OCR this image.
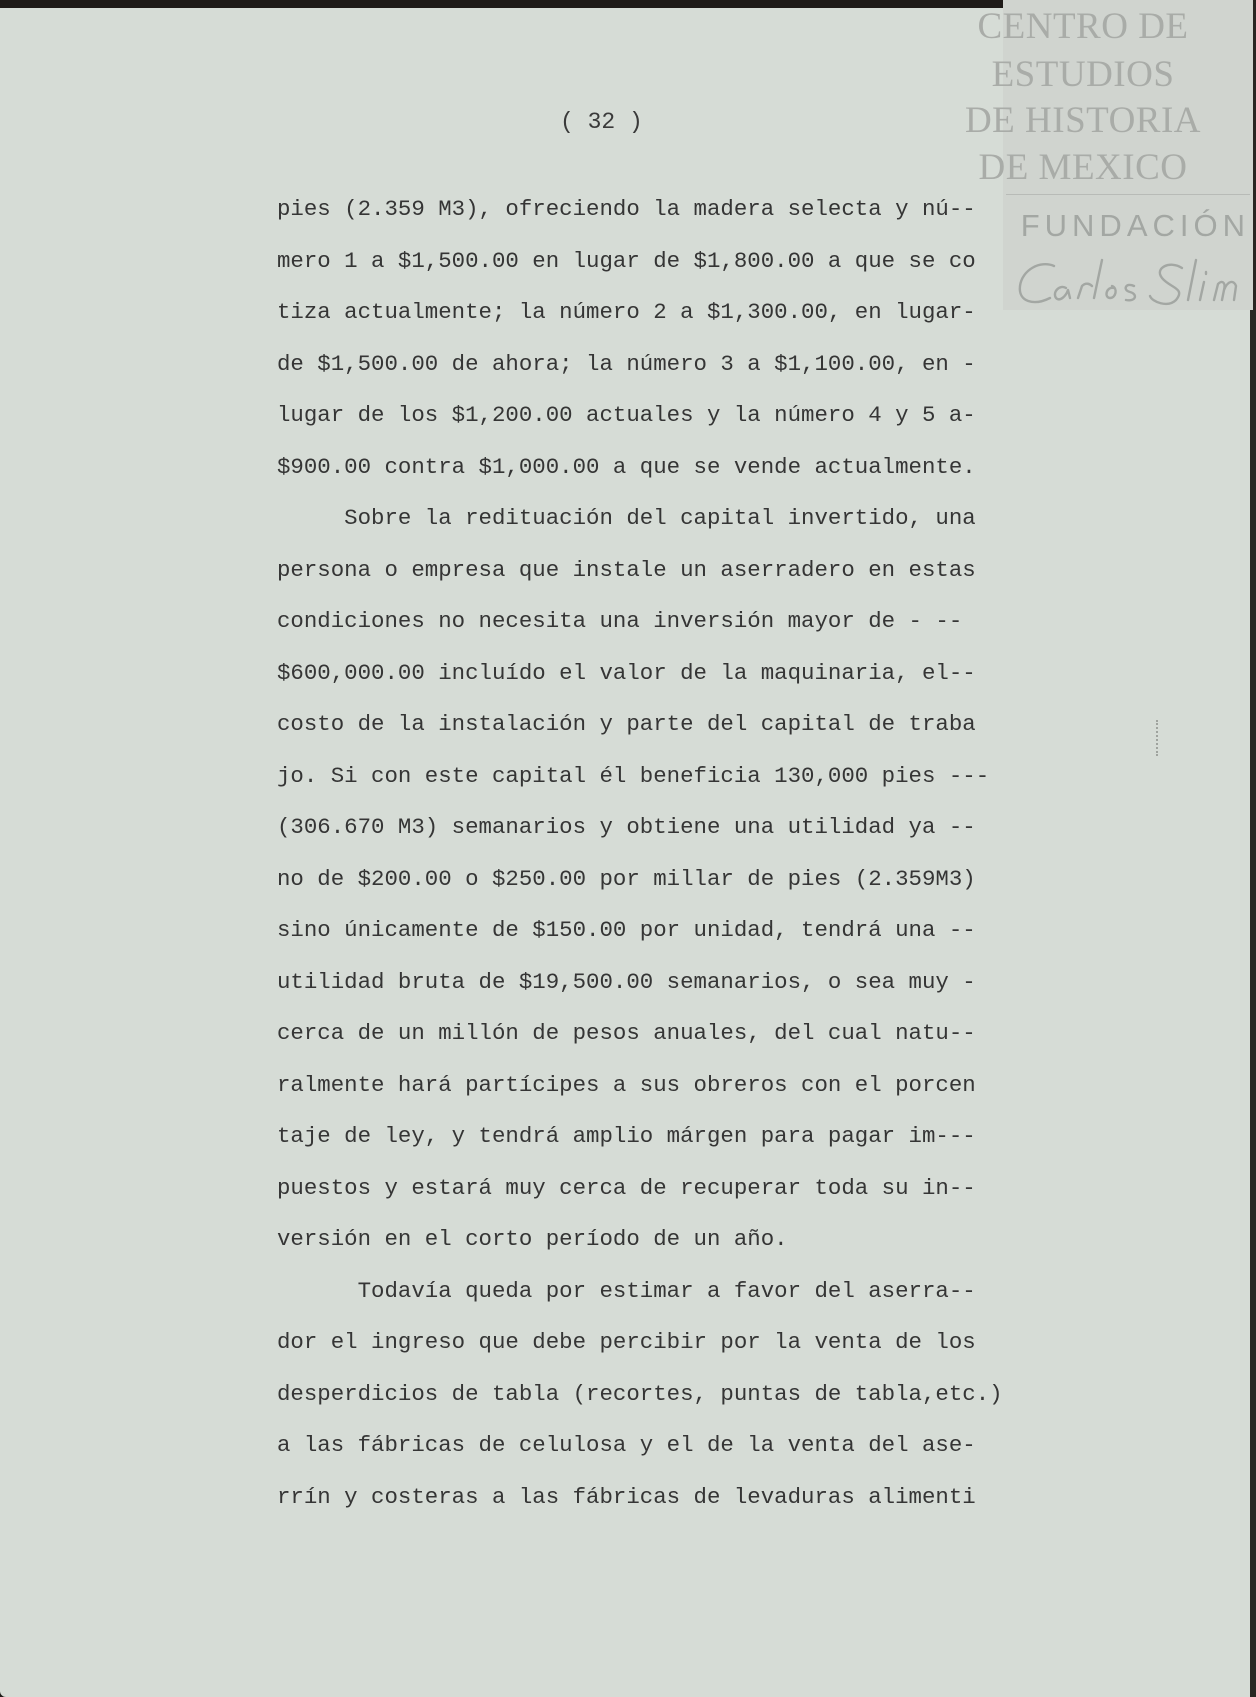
CENTRO DE
ESTUDIOS
DE HISTORIA
DE MEXICO
FUNDACIÓN
( 32 )
pies (2.359 M3), ofreciendo la madera selecta y nú--
mero 1 a $1,500.00 en lugar de $1,800.00 a que se co
tiza actualmente; la número 2 a $1,300.00, en lugar-
de $1,500.00 de ahora; la número 3 a $1,100.00, en -
lugar de los $1,200.00 actuales y la número 4 y 5 a-
$900.00 contra $1,000.00 a que se vende actualmente.
Sobre la redituación del capital invertido, una
persona o empresa que instale un aserradero en estas
condiciones no necesita una inversión mayor de - --
$600,000.00 incluído el valor de la maquinaria, el--
costo de la instalación y parte del capital de traba
jo. Si con este capital él beneficia 130,000 pies ---
(306.670 M3) semanarios y obtiene una utilidad ya --
no de $200.00 o $250.00 por millar de pies (2.359M3)
sino únicamente de $150.00 por unidad, tendrá una --
utilidad bruta de $19,500.00 semanarios, o sea muy -
cerca de un millón de pesos anuales, del cual natu--
ralmente hará partícipes a sus obreros con el porcen
taje de ley, y tendrá amplio márgen para pagar im---
puestos y estará muy cerca de recuperar toda su in--
versión en el corto período de un año.
Todavía queda por estimar a favor del aserra--
dor el ingreso que debe percibir por la venta de los
desperdicios de tabla (recortes, puntas de tabla,etc.)
a las fábricas de celulosa y el de la venta del ase-
rrín y costeras a las fábricas de levaduras alimenti
